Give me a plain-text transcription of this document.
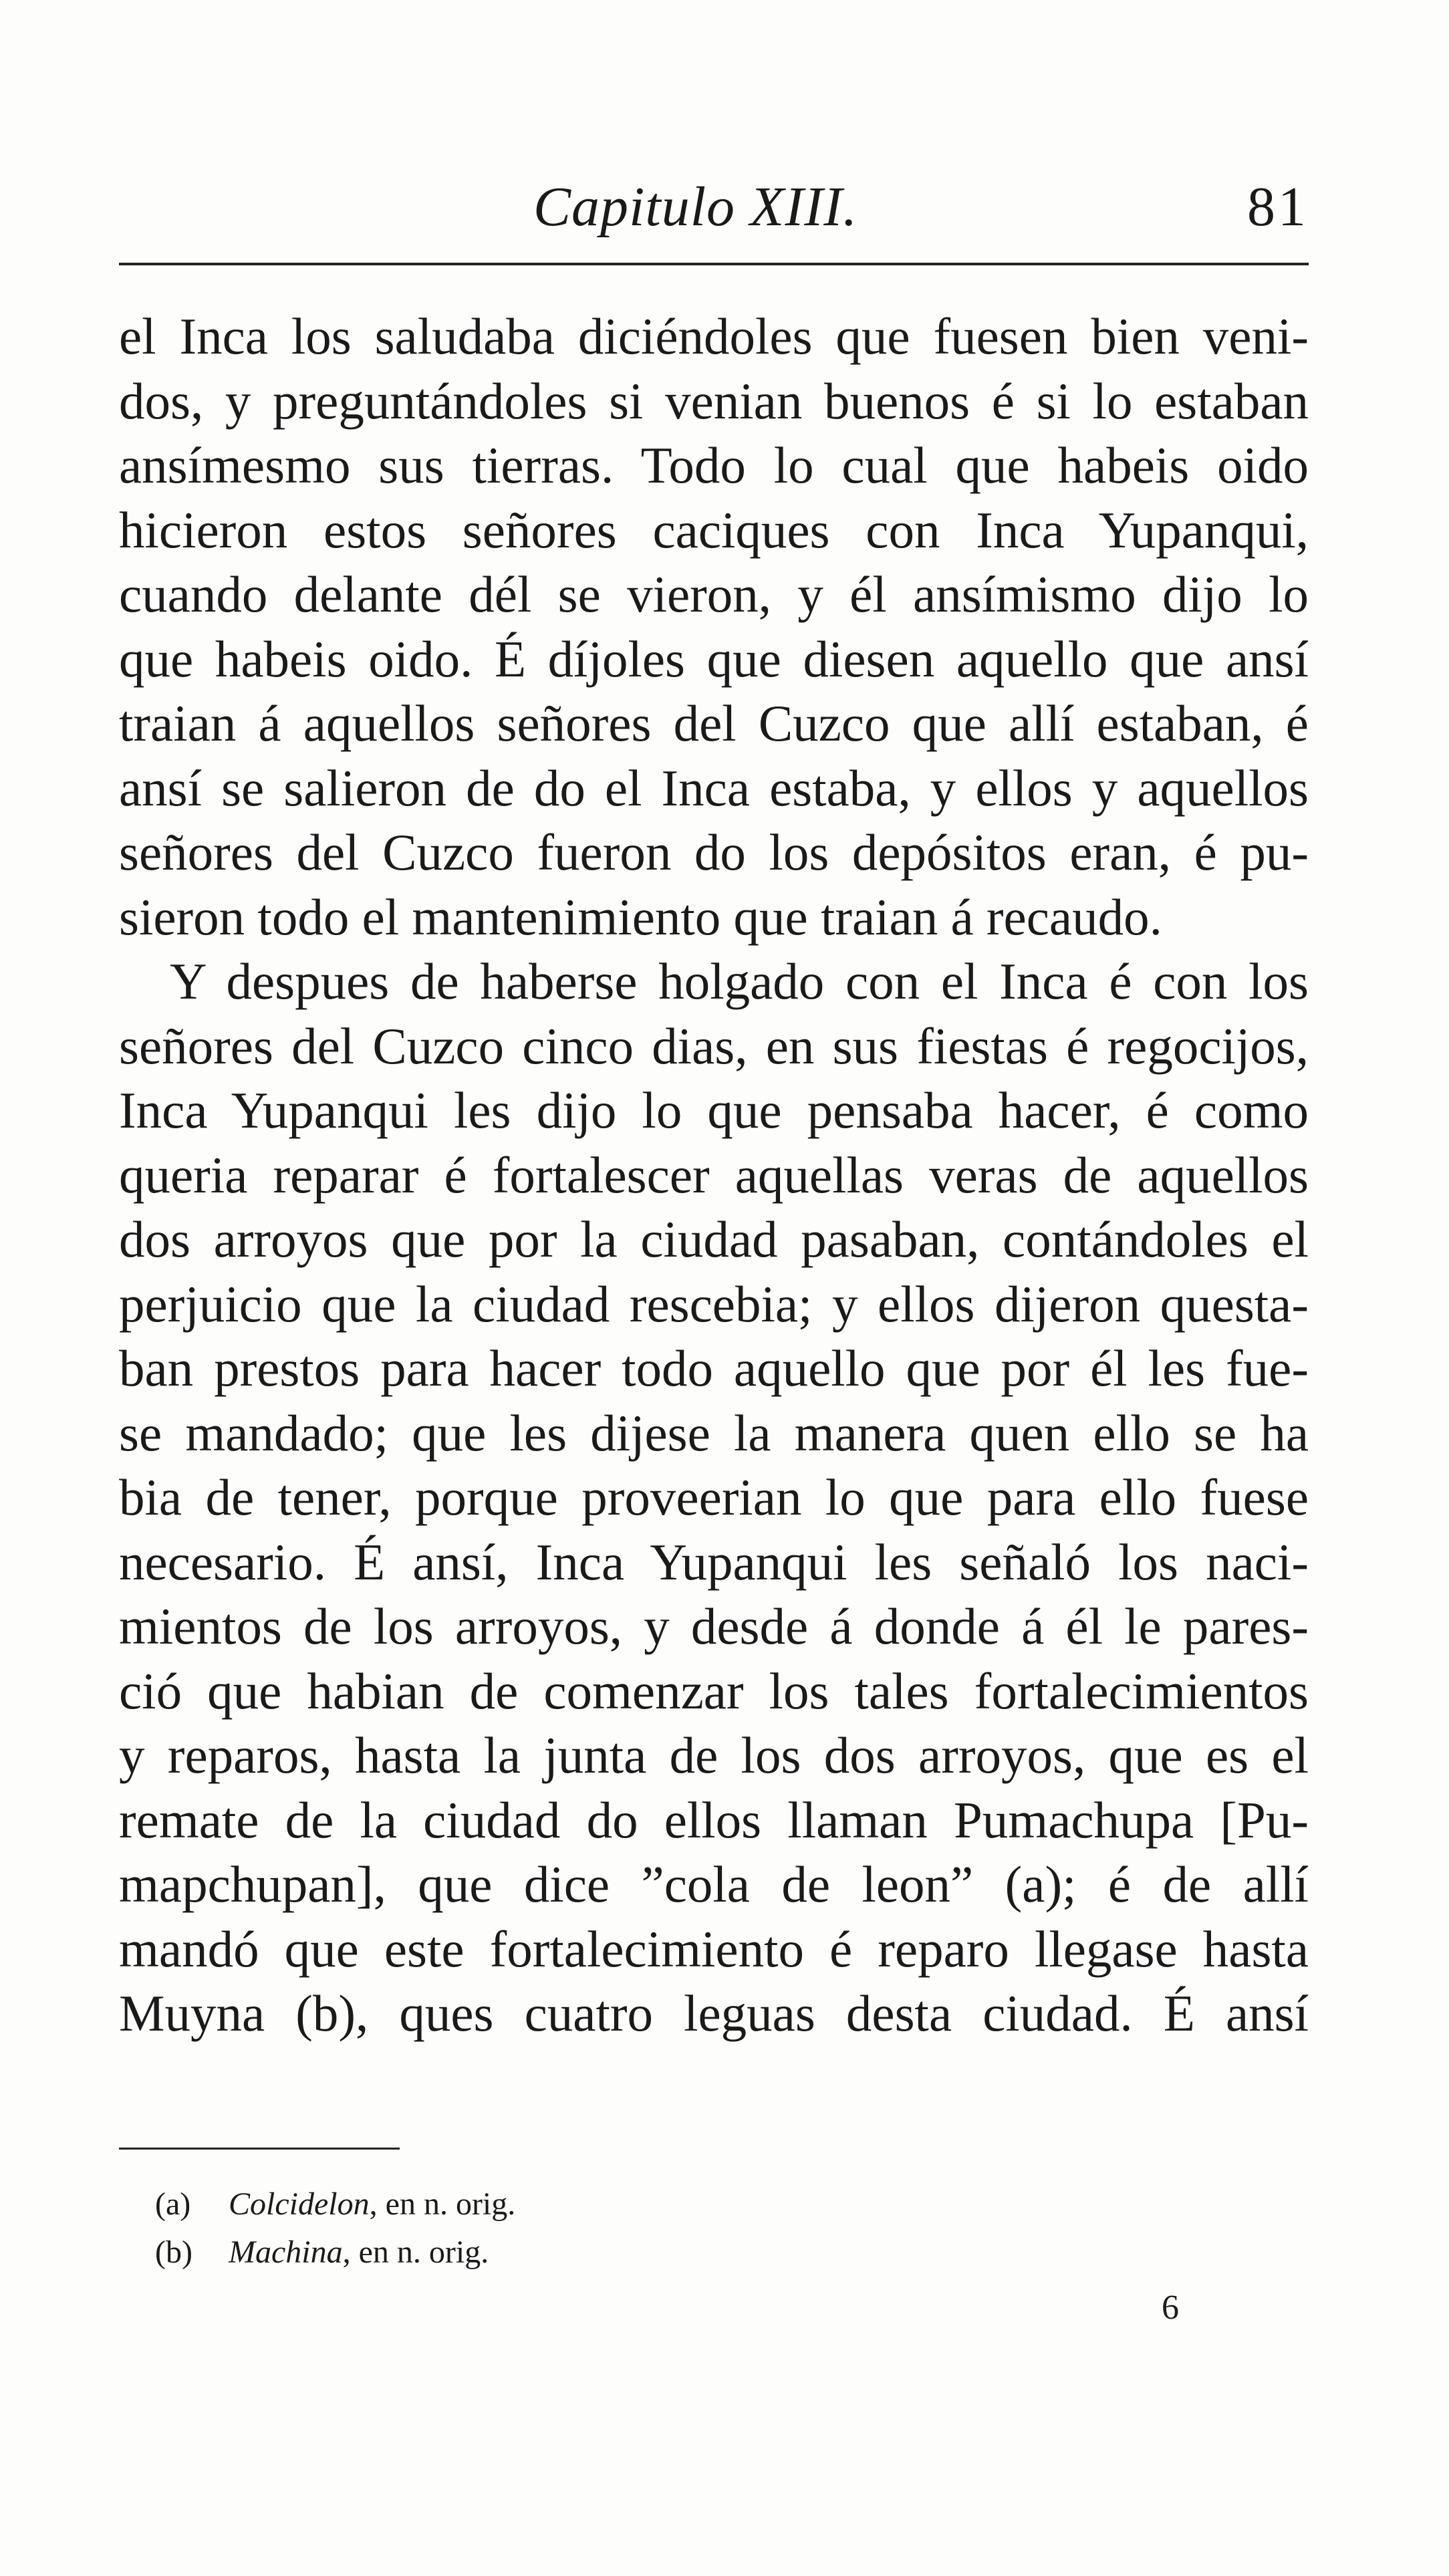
Capitulo XIII.	81
el Inca los saludaba diciéndoles que fuesen bien veni-
dos, y preguntándoles si venian buenos é si lo estaban
ansímesmo sus tierras. Todo lo cual que habeis oido
hicieron estos señores caciques con Inca Yupanqui,
cuando delante dél se vieron, y él ansímismo dijo lo
que habeis oido. É díjoles que diesen aquello que ansí
traian á aquellos señores del Cuzco que allí estaban, é
ansí se salieron de do el Inca estaba, y ellos y aquellos
señores del Cuzco fueron do los depósitos eran, é pu-
sieron todo el mantenimiento que traian á recaudo.
Y despues de haberse holgado con el Inca é con los
señores del Cuzco cinco dias, en sus fiestas é regocijos,
Inca Yupanqui les dijo lo que pensaba hacer, é como
queria reparar é fortalescer aquellas veras de aquellos
dos arroyos que por la ciudad pasaban, contándoles el
perjuicio que la ciudad rescebia; y ellos dijeron questa-
ban prestos para hacer todo aquello que por él les fue-
se mandado; que les dijese la manera quen ello se ha
bia de tener, porque proveerian lo que para ello fuese
necesario. É ansí, Inca Yupanqui les señaló los naci-
mientos de los arroyos, y desde á donde á él le pares-
ció que habian de comenzar los tales fortalecimientos
y reparos, hasta la junta de los dos arroyos, que es el
remate de la ciudad do ellos llaman Pumachupa [Pu-
mapchupan], que dice ”cola de leon” (a); é de allí
mandó que este fortalecimiento é reparo llegase hasta
Muyna (b), ques cuatro leguas desta ciudad. É ansí
(a) Colcidelon, en n. orig.
(b) Machina, en n. orig.
6
